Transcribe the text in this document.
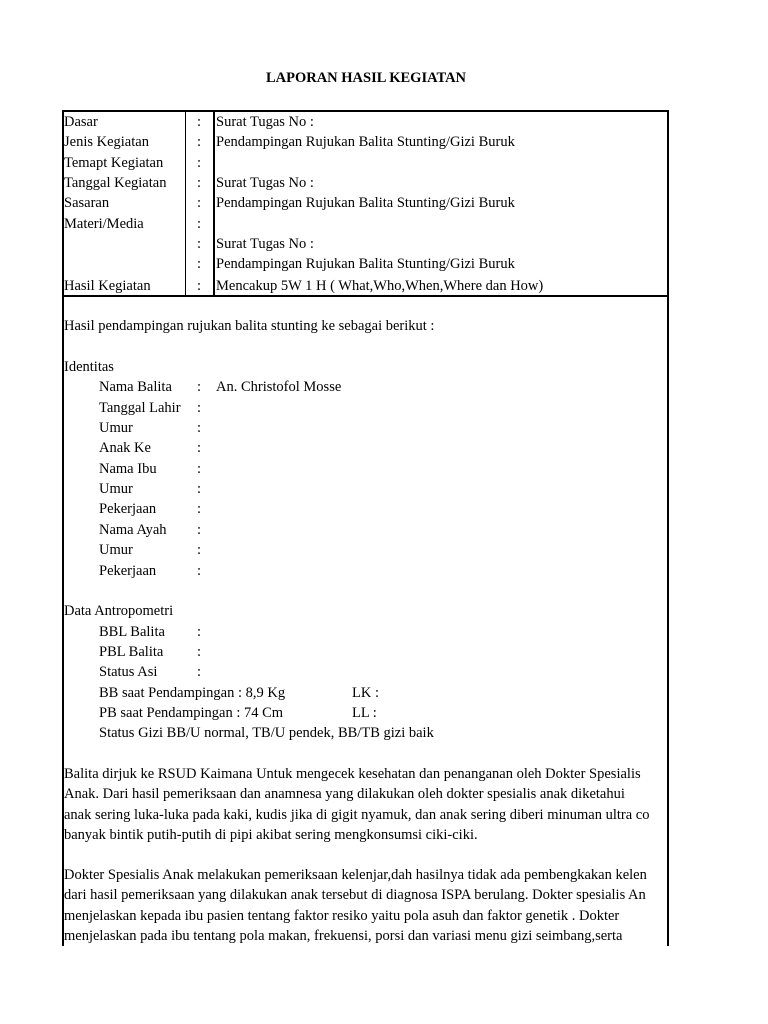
LAPORAN HASIL KEGIATAN
Dasar	: Surat Tugas No :
Jenis Kegiatan	: Pendampingan Rujukan Balita Stunting/Gizi Buruk
Temapt Kegiatan :
Tanggal Kegiatan : Surat Tugas No :
Sasaran	: Pendampingan Rujukan Balita Stunting/Gizi Buruk
Materi/Media	:
: Surat Tugas No :
: Pendampingan Rujukan Balita Stunting/Gizi Buruk
Hasil Kegiatan	: Mencakup 5W 1 H ( What,Who,When,Where dan How)
Hasil pendampingan rujukan balita stunting ke sebagai berikut :
Identitas
Nama Balita : An. Christofol Mosse
Tanggal Lahir :
Umur	:
Anak Ke	:
Nama Ibu	:
Umur	:
Pekerjaan	:
Nama Ayah :
Umur	:
Pekerjaan	:
Data Antropometri
BBL Balita :
PBL Balita :
Status Asi	:
BB saat Pendampingan : 8,9 Kg	LK :
PB saat Pendampingan : 74 Cm	LL :
Status Gizi BB/U normal, TB/U pendek, BB/TB gizi baik
Balita dirjuk ke RSUD Kaimana Untuk mengecek kesehatan dan penanganan oleh Dokter Spesialis
Anak. Dari hasil pemeriksaan dan anamnesa yang dilakukan oleh dokter spesialis anak diketahui
anak sering luka-luka pada kaki, kudis jika di gigit nyamuk, dan anak sering diberi minuman ultra co
banyak bintik putih-putih di pipi akibat sering mengkonsumsi ciki-ciki.
Dokter Spesialis Anak melakukan pemeriksaan kelenjar,dah hasilnya tidak ada pembengkakan kelen
dari hasil pemeriksaan yang dilakukan anak tersebut di diagnosa ISPA berulang. Dokter spesialis An
menjelaskan kepada ibu pasien tentang faktor resiko yaitu pola asuh dan faktor genetik . Dokter
menjelaskan pada ibu tentang pola makan, frekuensi, porsi dan variasi menu gizi seimbang,serta
